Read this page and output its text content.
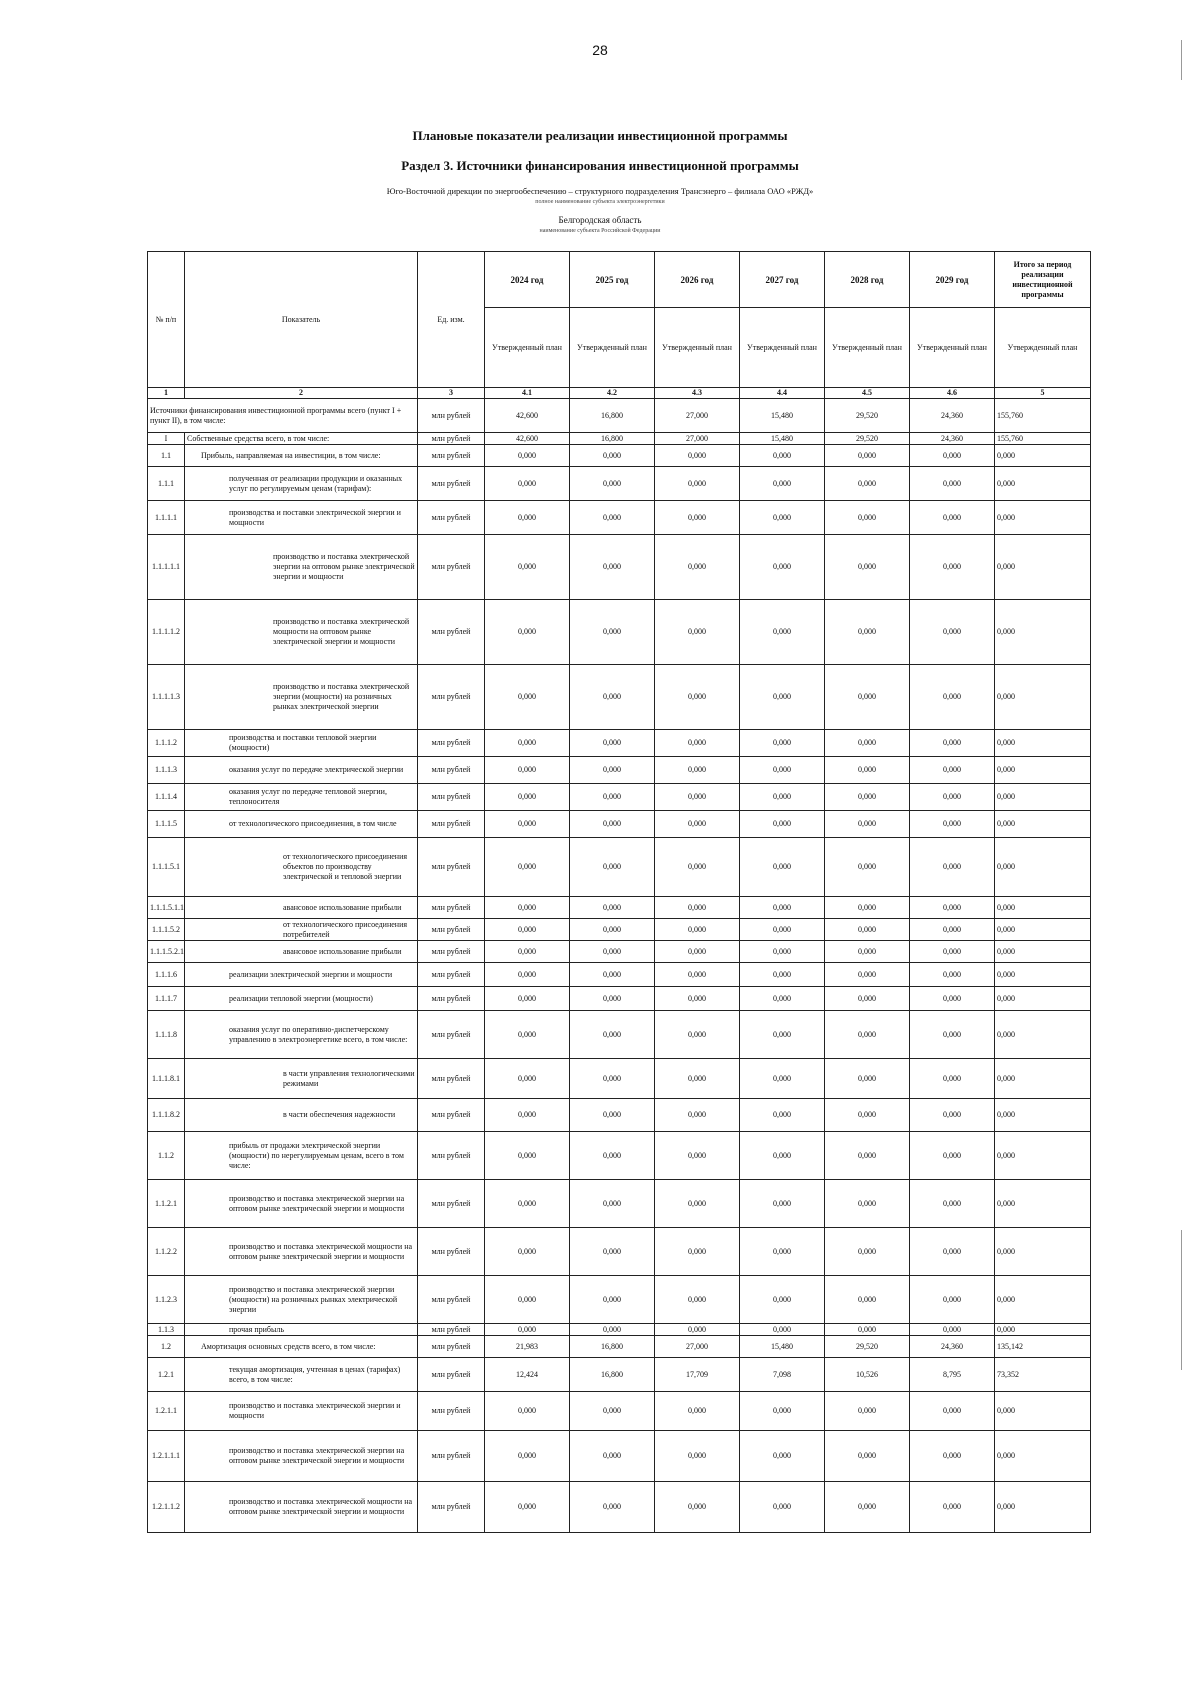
28
Плановые показатели реализации инвестиционной программы
Раздел 3. Источники финансирования инвестиционной программы
Юго-Восточной дирекции по энергообеспечению – структурного подразделения Трансэнерго – филиала ОАО «РЖД»
полное наименование субъекта электроэнергетики
Белгородская область
наименование субъекта Российской Федерации
№ п/п	Показатель	Ед. изм.	2024 год	2025 год	2026 год	2027 год	2028 год	2029 год	Итого за период реализации инвестиционной программы
			Утвержденный план	Утвержденный план	Утвержденный план	Утвержденный план	Утвержденный план	Утвержденный план	Утвержденный план
1	2	3	4.1	4.2	4.3	4.4	4.5	4.6	5
Источники финансирования инвестиционной программы всего (пункт I + пункт II), в том числе:		млн рублей	42,600	16,800	27,000	15,480	29,520	24,360	155,760
I	Собственные средства всего, в том числе:	млн рублей	42,600	16,800	27,000	15,480	29,520	24,360	155,760
1.1	Прибыль, направляемая на инвестиции, в том числе:	млн рублей	0,000	0,000	0,000	0,000	0,000	0,000	0,000
1.1.1	полученная от реализации продукции и оказанных услуг по регулируемым ценам (тарифам):	млн рублей	0,000	0,000	0,000	0,000	0,000	0,000	0,000
1.1.1.1	производства и поставки электрической энергии и мощности	млн рублей	0,000	0,000	0,000	0,000	0,000	0,000	0,000
1.1.1.1.1	производство и поставка электрической энергии на оптовом рынке электрической энергии и мощности	млн рублей	0,000	0,000	0,000	0,000	0,000	0,000	0,000
1.1.1.1.2	производство и поставка электрической мощности на оптовом рынке электрической энергии и мощности	млн рублей	0,000	0,000	0,000	0,000	0,000	0,000	0,000
1.1.1.1.3	производство и поставка электрической энергии (мощности) на розничных рынках электрической энергии	млн рублей	0,000	0,000	0,000	0,000	0,000	0,000	0,000
1.1.1.2	производства и поставки тепловой энергии (мощности)	млн рублей	0,000	0,000	0,000	0,000	0,000	0,000	0,000
1.1.1.3	оказания услуг по передаче электрической энергии	млн рублей	0,000	0,000	0,000	0,000	0,000	0,000	0,000
1.1.1.4	оказания услуг по передаче тепловой энергии, теплоносителя	млн рублей	0,000	0,000	0,000	0,000	0,000	0,000	0,000
1.1.1.5	от технологического присоединения, в том числе	млн рублей	0,000	0,000	0,000	0,000	0,000	0,000	0,000
1.1.1.5.1	от технологического присоединения объектов по производству электрической и тепловой энергии	млн рублей	0,000	0,000	0,000	0,000	0,000	0,000	0,000
1.1.1.5.1.1	авансовое использование прибыли	млн рублей	0,000	0,000	0,000	0,000	0,000	0,000	0,000
1.1.1.5.2	от технологического присоединения потребителей	млн рублей	0,000	0,000	0,000	0,000	0,000	0,000	0,000
1.1.1.5.2.1	авансовое использование прибыли	млн рублей	0,000	0,000	0,000	0,000	0,000	0,000	0,000
1.1.1.6	реализации электрической энергии и мощности	млн рублей	0,000	0,000	0,000	0,000	0,000	0,000	0,000
1.1.1.7	реализации тепловой энергии (мощности)	млн рублей	0,000	0,000	0,000	0,000	0,000	0,000	0,000
1.1.1.8	оказания услуг по оперативно-диспетчерскому управлению в электроэнергетике всего, в том числе:	млн рублей	0,000	0,000	0,000	0,000	0,000	0,000	0,000
1.1.1.8.1	в части управления технологическими режимами	млн рублей	0,000	0,000	0,000	0,000	0,000	0,000	0,000
1.1.1.8.2	в части обеспечения надежности	млн рублей	0,000	0,000	0,000	0,000	0,000	0,000	0,000
1.1.2	прибыль от продажи электрической энергии (мощности) по нерегулируемым ценам, всего в том числе:	млн рублей	0,000	0,000	0,000	0,000	0,000	0,000	0,000
1.1.2.1	производство и поставка электрической энергии на оптовом рынке электрической энергии и мощности	млн рублей	0,000	0,000	0,000	0,000	0,000	0,000	0,000
1.1.2.2	производство и поставка электрической мощности на оптовом рынке электрической энергии и мощности	млн рублей	0,000	0,000	0,000	0,000	0,000	0,000	0,000
1.1.2.3	производство и поставка электрической энергии (мощности) на розничных рынках электрической энергии	млн рублей	0,000	0,000	0,000	0,000	0,000	0,000	0,000
1.1.3	прочая прибыль	млн рублей	0,000	0,000	0,000	0,000	0,000	0,000	0,000
1.2	Амортизация основных средств всего, в том числе:	млн рублей	21,983	16,800	27,000	15,480	29,520	24,360	135,142
1.2.1	текущая амортизация, учтенная в ценах (тарифах) всего, в том числе:	млн рублей	12,424	16,800	17,709	7,098	10,526	8,795	73,352
1.2.1.1	производство и поставка электрической энергии и мощности	млн рублей	0,000	0,000	0,000	0,000	0,000	0,000	0,000
1.2.1.1.1	производство и поставка электрической энергии на оптовом рынке электрической энергии и мощности	млн рублей	0,000	0,000	0,000	0,000	0,000	0,000	0,000
1.2.1.1.2	производство и поставка электрической мощности на оптовом рынке электрической энергии и мощности	млн рублей	0,000	0,000	0,000	0,000	0,000	0,000	0,000
